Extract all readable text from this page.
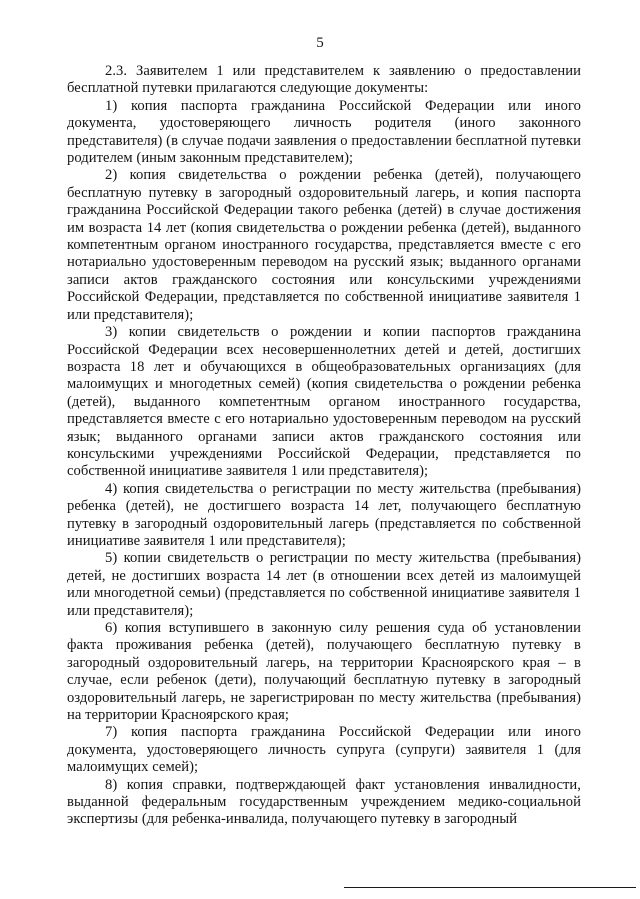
5

2.3. Заявителем 1 или представителем к заявлению о предоставлении бесплатной путевки прилагаются следующие документы:

1) копия паспорта гражданина Российской Федерации или иного документа, удостоверяющего личность родителя (иного законного представителя) (в случае подачи заявления о предоставлении бесплатной путевки родителем (иным законным представителем);

2) копия свидетельства о рождении ребенка (детей), получающего бесплатную путевку в загородный оздоровительный лагерь, и копия паспорта гражданина Российской Федерации такого ребенка (детей) в случае достижения им возраста 14 лет (копия свидетельства о рождении ребенка (детей), выданного компетентным органом иностранного государства, представляется вместе с его нотариально удостоверенным переводом на русский язык; выданного органами записи актов гражданского состояния или консульскими учреждениями Российской Федерации, представляется по собственной инициативе заявителя 1 или представителя);

3) копии свидетельств о рождении и копии паспортов гражданина Российской Федерации всех несовершеннолетних детей и детей, достигших возраста 18 лет и обучающихся в общеобразовательных организациях (для малоимущих и многодетных семей) (копия свидетельства о рождении ребенка (детей), выданного компетентным органом иностранного государства, представляется вместе с его нотариально удостоверенным переводом на русский язык; выданного органами записи актов гражданского состояния или консульскими учреждениями Российской Федерации, представляется по собственной инициативе заявителя 1 или представителя);

4) копия свидетельства о регистрации по месту жительства (пребывания) ребенка (детей), не достигшего возраста 14 лет, получающего бесплатную путевку в загородный оздоровительный лагерь (представляется по собственной инициативе заявителя 1 или представителя);

5) копии свидетельств о регистрации по месту жительства (пребывания) детей, не достигших возраста 14 лет (в отношении всех детей из малоимущей или многодетной семьи) (представляется по собственной инициативе заявителя 1 или представителя);

6) копия вступившего в законную силу решения суда об установлении факта проживания ребенка (детей), получающего бесплатную путевку в загородный оздоровительный лагерь, на территории Красноярского края – в случае, если ребенок (дети), получающий бесплатную путевку в загородный оздоровительный лагерь, не зарегистрирован по месту жительства (пребывания) на территории Красноярского края;

7) копия паспорта гражданина Российской Федерации или иного документа, удостоверяющего личность супруга (супруги) заявителя 1 (для малоимущих семей);

8) копия справки, подтверждающей факт установления инвалидности, выданной федеральным государственным учреждением медико-социальной экспертизы (для ребенка-инвалида, получающего путевку в загородный
